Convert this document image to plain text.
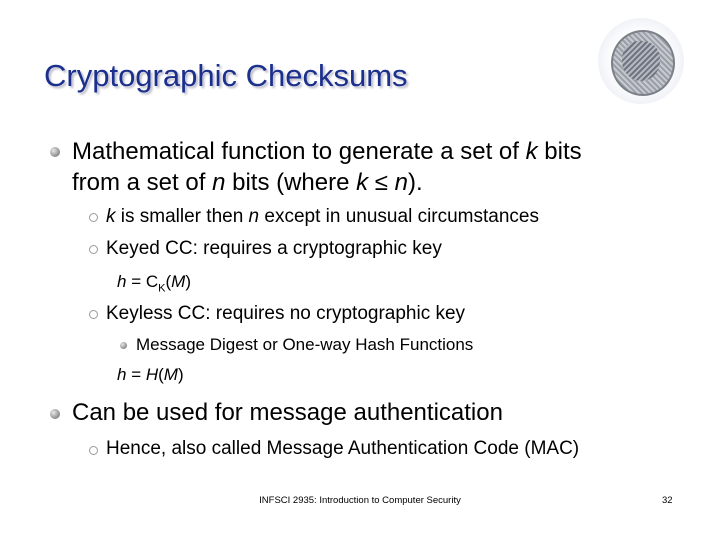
Cryptographic Checksums
Mathematical function to generate a set of k bits
from a set of n bits (where k ≤ n).
k is smaller then n except in unusual circumstances
Keyed CC: requires a cryptographic key
$h = C_K(M)$
Keyless CC: requires no cryptographic key
Message Digest or One-way Hash Functions
h = H(M)
Can be used for message authentication
Hence, also called Message Authentication Code (MAC)
INFSCI 2935: Introduction to Computer Security	32
